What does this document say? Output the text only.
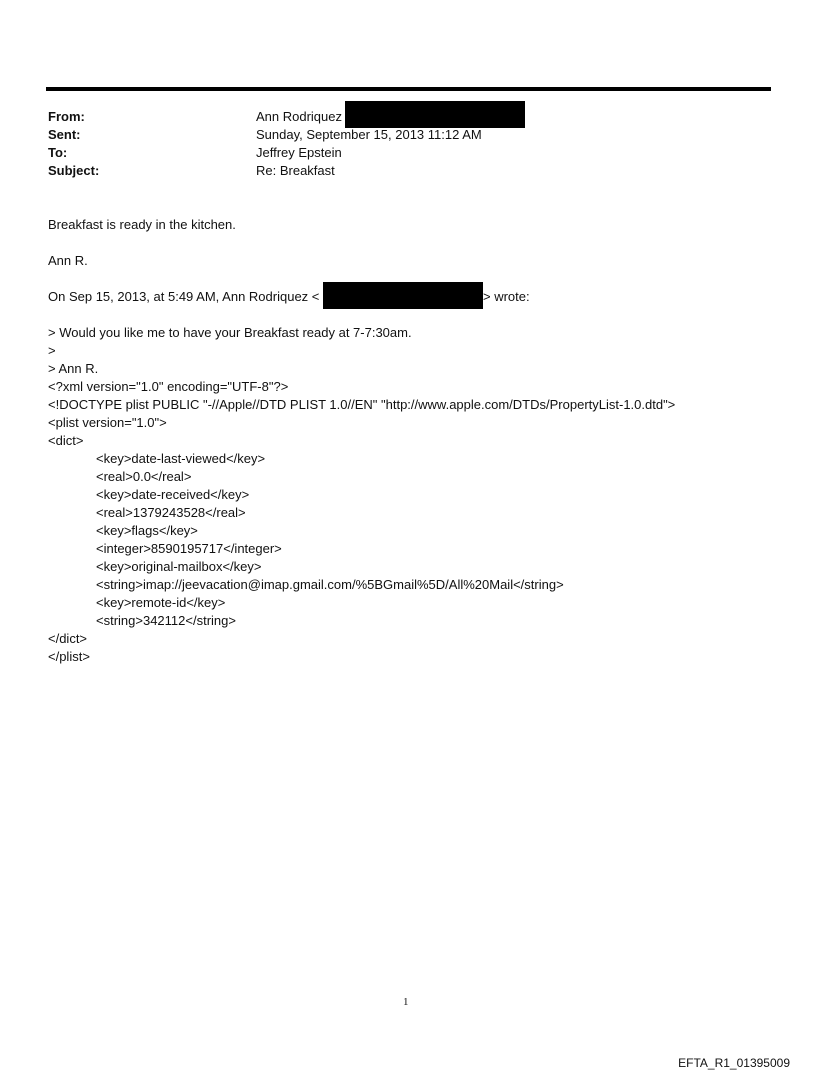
From:	Ann Rodriquez
Sent:	Sunday, September 15, 2013 11:12 AM
To:	Jeffrey Epstein
Subject:	Re: Breakfast
Breakfast is ready in the kitchen.
Ann R.
On Sep 15, 2013, at 5:49 AM, Ann Rodriquez <	> wrote:
> Would you like me to have your Breakfast ready at 7-7:30am.
>
> Ann R.
<?xml version="1.0" encoding="UTF-8"?>
<!DOCTYPE plist PUBLIC "-//Apple//DTD PLIST 1.0//EN" "http://www.apple.com/DTDs/PropertyList-1.0.dtd">
<plist version="1.0">
<dict>
<key>date-last-viewed</key>
<real>0.0</real>
<key>date-received</key>
<real>1379243528</real>
<key>flags</key>
<integer>8590195717</integer>
<key>original-mailbox</key>
<string>imap://jeevacation@imap.gmail.com/%5BGmail%5D/All%20Mail</string>
<key>remote-id</key>
<string>342112</string>
</dict>
</plist>
1
EFTA_R1_01395009
